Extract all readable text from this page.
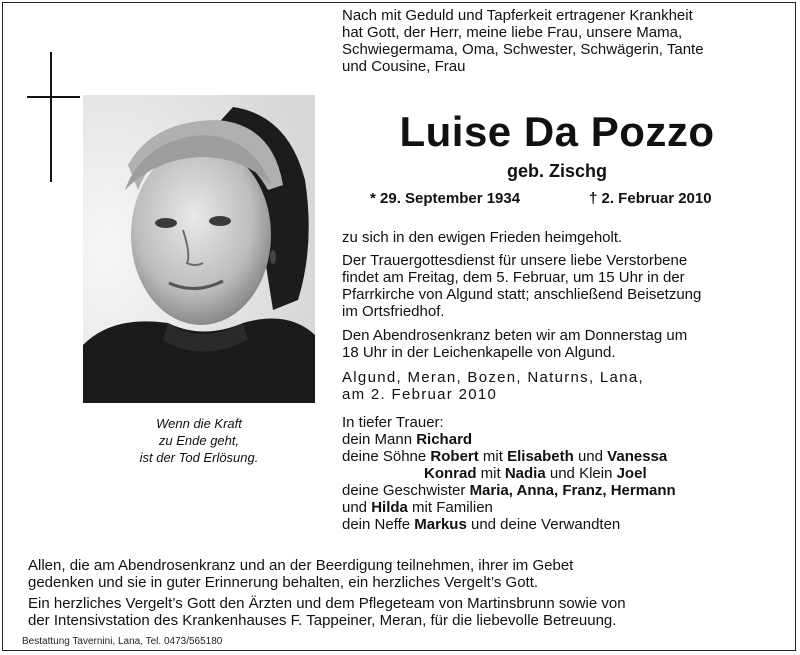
Wenn die Kraft
zu Ende geht,
ist der Tod Erlösung.
Nach mit Geduld und Tapferkeit ertragener Krankheit
hat Gott, der Herr, meine liebe Frau, unsere Mama,
Schwiegermama, Oma, Schwester, Schwägerin, Tante
und Cousine, Frau
Luise Da Pozzo
geb. Zischg
* 29. September 1934	† 2. Februar 2010
zu sich in den ewigen Frieden heimgeholt.
Der Trauergottesdienst für unsere liebe Verstorbene
findet am Freitag, dem 5. Februar, um 15 Uhr in der
Pfarrkirche von Algund statt; anschließend Beisetzung
im Ortsfriedhof.
Den Abendrosenkranz beten wir am Donnerstag um
18 Uhr in der Leichenkapelle von Algund.
Algund, Meran, Bozen, Naturns, Lana,
am 2. Februar 2010
In tiefer Trauer:
dein Mann Richard
deine Söhne Robert mit Elisabeth und Vanessa
Konrad mit Nadia und Klein Joel
deine Geschwister Maria, Anna, Franz, Hermann
und Hilda mit Familien
dein Neffe Markus und deine Verwandten
Allen, die am Abendrosenkranz und an der Beerdigung teilnehmen, ihrer im Gebet
gedenken und sie in guter Erinnerung behalten, ein herzliches Vergelt’s Gott.
Ein herzliches Vergelt’s Gott den Ärzten und dem Pflegeteam von Martinsbrunn sowie von
der Intensivstation des Krankenhauses F. Tappeiner, Meran, für die liebevolle Betreuung.
Bestattung Tavernini, Lana, Tel. 0473/565180
